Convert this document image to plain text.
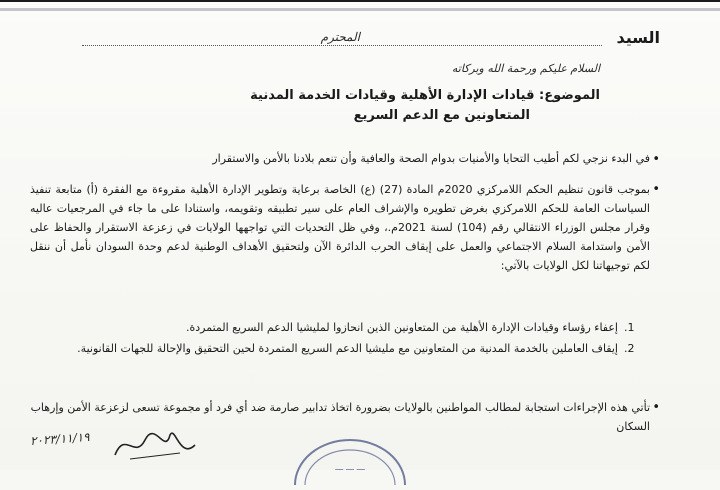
السيد
المحترم
السلام عليكم ورحمة الله وبركاته
الموضوع: قيادات الإدارة الأهلية وقيادات الخدمة المدنية
المتعاونين مع الدعم السريع
•
في البدء نزجي لكم أطيب التحايا والأمنيات بدوام الصحة والعافية وأن تنعم بلادنا بالأمن والاستقرار
•
بموجب قانون تنظيم الحكم اللامركزي 2020م المادة (27) (ع) الخاصة برعاية وتطوير الإدارة الأهلية مقروءة مع الفقرة (أ) متابعة تنفيذ السياسات العامة للحكم اللامركزي بغرض تطويره والإشراف العام على سير تطبيقه وتقويمه، واستنادا على ما جاء في المرجعيات عاليه وقرار مجلس الوزراء الانتقالي رقم (104) لسنة 2021م.، وفي ظل التحديات التي تواجهها الولايات في زعزعة الاستقرار والحفاظ على الأمن واستدامة السلام الاجتماعي والعمل على إيقاف الحرب الدائرة الآن ولتحقيق الأهداف الوطنية لدعم وحدة السودان نأمل أن ننقل لكم توجيهاتنا لكل الولايات بالآتي:
1.
إعفاء رؤساء وقيادات الإدارة الأهلية من المتعاونين الذين انحازوا لمليشيا الدعم السريع المتمردة.
2.
إيقاف العاملين بالخدمة المدنية من المتعاونين مع مليشيا الدعم السريع المتمردة لحين التحقيق والإحالة للجهات القانونية.
•
تأتي هذه الإجراءات استجابة لمطالب المواطنين بالولايات بضرورة اتخاذ تدابير صارمة ضد أي فرد أو مجموعة تسعى لزعزعة الأمن وإرهاب السكان
٢٠٢٣/١١/١٩
ـــ ـــ ـــ
